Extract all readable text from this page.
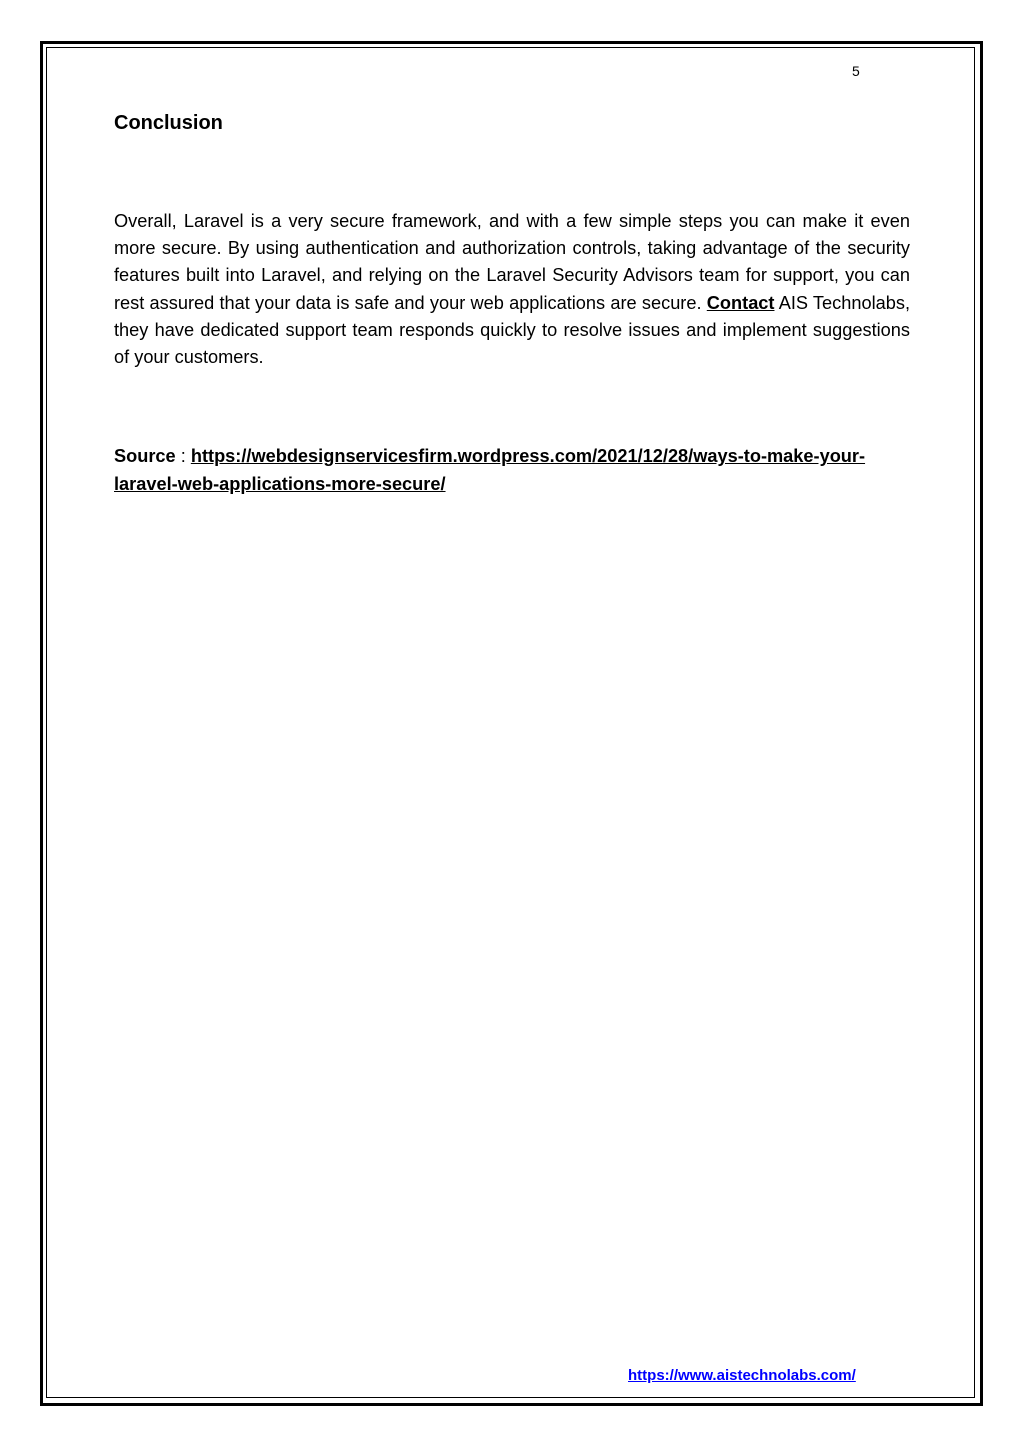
5
Conclusion

Overall, Laravel is a very secure framework, and with a few simple steps you can make it even more secure. By using authentication and authorization controls, taking advantage of the security features built into Laravel, and relying on the Laravel Security Advisors team for support, you can rest assured that your data is safe and your web applications are secure. Contact AIS Technolabs, they have dedicated support team responds quickly to resolve issues and implement suggestions of your customers.

Source : https://webdesignservicesfirm.wordpress.com/2021/12/28/ways-to-make-your-laravel-web-applications-more-secure/

https://www.aistechnolabs.com/
